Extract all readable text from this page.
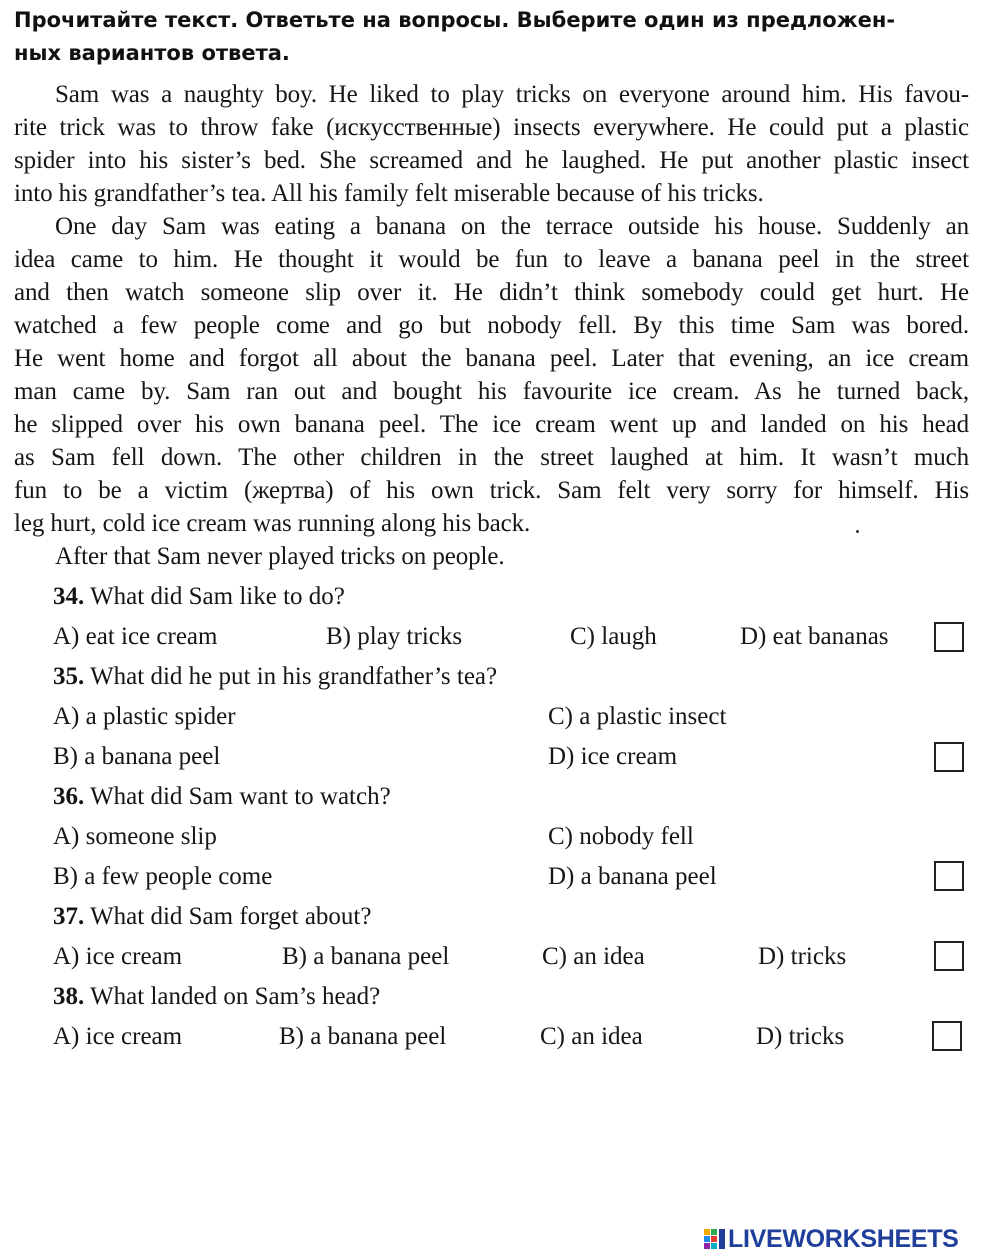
Прочитайте текст. Ответьте на вопросы. Выберите один из предложен-
ных вариантов ответа.
Sam was a naughty boy. He liked to play tricks on everyone around him. His favou-
rite trick was to throw fake (искусственные) insects everywhere. He could put a plastic
spider into his sister’s bed. She screamed and he laughed. He put another plastic insect
into his grandfather’s tea. All his family felt miserable because of his tricks.
One day Sam was eating a banana on the terrace outside his house. Suddenly an
idea came to him. He thought it would be fun to leave a banana peel in the street
and then watch someone slip over it. He didn’t think somebody could get hurt. He
watched a few people come and go but nobody fell. By this time Sam was bored.
He went home and forgot all about the banana peel. Later that evening, an ice cream
man came by. Sam ran out and bought his favourite ice cream. As he turned back,
he slipped over his own banana peel. The ice cream went up and landed on his head
as Sam fell down. The other children in the street laughed at him. It wasn’t much
fun to be a victim (жертва) of his own trick. Sam felt very sorry for himself. His
leg hurt, cold ice cream was running along his back.
After that Sam never played tricks on people.
34. What did Sam like to do?
A) eat ice cream	B) play tricks	C) laugh	D) eat bananas
35. What did he put in his grandfather’s tea?
A) a plastic spider	C) a plastic insect
B) a banana peel	D) ice cream
36. What did Sam want to watch?
A) someone slip	C) nobody fell
B) a few people come	D) a banana peel
37. What did Sam forget about?
A) ice cream	B) a banana peel	C) an idea	D) tricks
38. What landed on Sam’s head?
A) ice cream	B) a banana peel	C) an idea	D) tricks
LIVEWORKSHEETS
